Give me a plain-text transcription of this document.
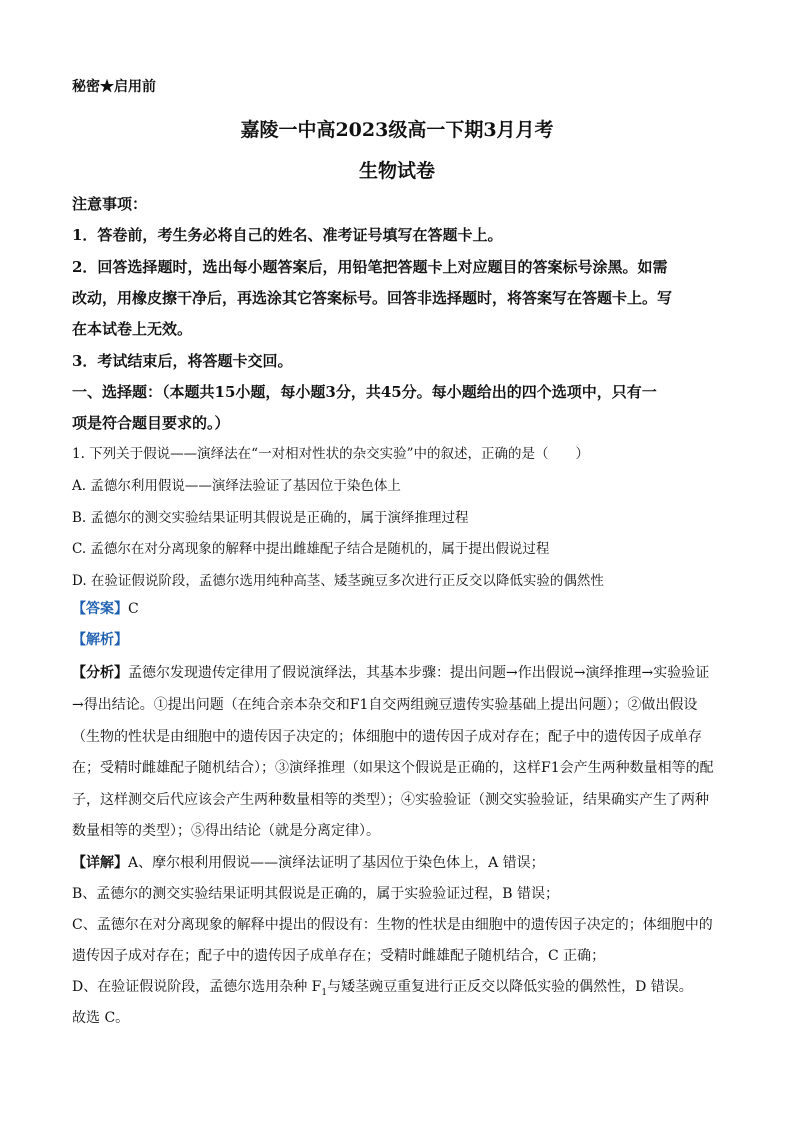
秘密★启用前
嘉陵一中高2023级高一下期3月月考
生物试卷
注意事项：
1．答卷前，考生务必将自己的姓名、准考证号填写在答题卡上。
2．回答选择题时，选出每小题答案后，用铅笔把答题卡上对应题目的答案标号涂黑。如需
改动，用橡皮擦干净后，再选涂其它答案标号。回答非选择题时，将答案写在答题卡上。写
在本试卷上无效。
3．考试结束后，将答题卡交回。
一、选择题：（本题共15小题，每小题3分，共45分。每小题给出的四个选项中，只有一
项是符合题目要求的。）
1. 下列关于假说——演绎法在“一对相对性状的杂交实验”中的叙述，正确的是（　　）
A. 孟德尔利用假说——演绎法验证了基因位于染色体上
B. 孟德尔的测交实验结果证明其假说是正确的，属于演绎推理过程
C. 孟德尔在对分离现象的解释中提出雌雄配子结合是随机的，属于提出假说过程
D. 在验证假说阶段，孟德尔选用纯种高茎、矮茎豌豆多次进行正反交以降低实验的偶然性
【答案】C
【解析】
【分析】孟德尔发现遗传定律用了假说演绎法，其基本步骤：提出问题→作出假说→演绎推理→实验验证
→得出结论。①提出问题（在纯合亲本杂交和F1自交两组豌豆遗传实验基础上提出问题）；②做出假设
（生物的性状是由细胞中的遗传因子决定的；体细胞中的遗传因子成对存在；配子中的遗传因子成单存
在；受精时雌雄配子随机结合）；③演绎推理（如果这个假说是正确的，这样F1会产生两种数量相等的配
子，这样测交后代应该会产生两种数量相等的类型）；④实验验证（测交实验验证，结果确实产生了两种
数量相等的类型）；⑤得出结论（就是分离定律）。
【详解】A、摩尔根利用假说——演绎法证明了基因位于染色体上，A 错误；
B、孟德尔的测交实验结果证明其假说是正确的，属于实验验证过程，B 错误；
C、孟德尔在对分离现象的解释中提出的假设有：生物的性状是由细胞中的遗传因子决定的；体细胞中的
遗传因子成对存在；配子中的遗传因子成单存在；受精时雌雄配子随机结合，C 正确；
D、在验证假说阶段，孟德尔选用杂种 $F_1$与矮茎豌豆重复进行正反交以降低实验的偶然性，D 错误。
故选 C。
